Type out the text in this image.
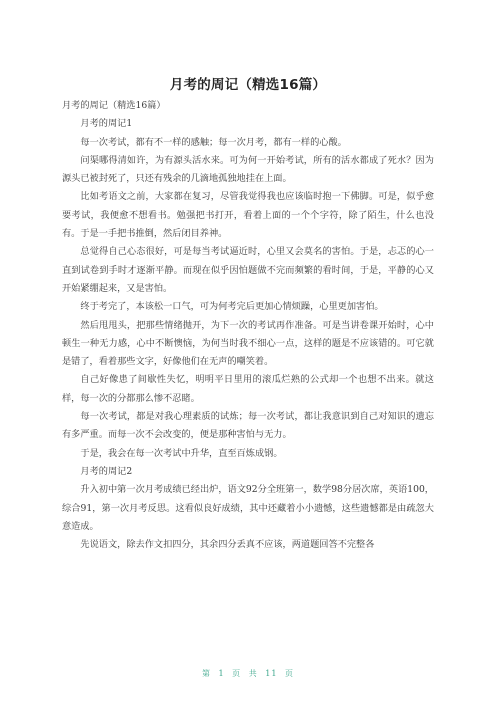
月考的周记（精选16篇）

月考的周记（精选16篇）

月考的周记1

每一次考试，都有不一样的感触；每一次月考，都有一样的心酸。

问渠哪得清如许，为有源头活水来。可为何一开始考试，所有的活水都成了死水？因为源头已被封死了，只还有残余的几滴地孤独地挂在上面。

比如考语文之前，大家都在复习，尽管我觉得我也应该临时抱一下佛脚。可是，似乎愈要考试，我便愈不想看书。勉强把书打开，看着上面的一个个字符，除了陌生，什么也没有。于是一手把书推倒，然后闭目养神。

总觉得自己心态很好，可是每当考试逼近时，心里又会莫名的害怕。于是，忐忑的心一直到试卷到手时才逐渐平静。而现在似乎因怕题做不完而频繁的看时间，于是，平静的心又开始紧绷起来，又是害怕。

终于考完了，本该松一口气，可为何考完后更加心情烦躁，心里更加害怕。

然后甩甩头，把那些情绪抛开，为下一次的考试再作准备。可是当讲卷课开始时，心中顿生一种无力感，心中不断懊恼，为何当时我不细心一点，这样的题是不应该错的。可它就是错了，看着那些文字，好像他们在无声的嘲笑着。

自己好像患了间歇性失忆，明明平日里用的滚瓜烂熟的公式却一个也想不出来。就这样，每一次的分都那么惨不忍睹。

每一次考试，都是对我心理素质的试炼；每一次考试，都让我意识到自己对知识的遗忘有多严重。而每一次不会改变的，便是那种害怕与无力。

于是，我会在每一次考试中升华，直至百炼成钢。

月考的周记2

升入初中第一次月考成绩已经出炉，语文92分全班第一，数学98分居次席，英语100，综合91，第一次月考反思。这看似良好成绩，其中还藏着小小遗憾，这些遗憾都是由疏忽大意造成。

先说语文，除去作文扣四分，其余四分丢真不应该，两道题回答不完整各

第 1 页 共 11 页
